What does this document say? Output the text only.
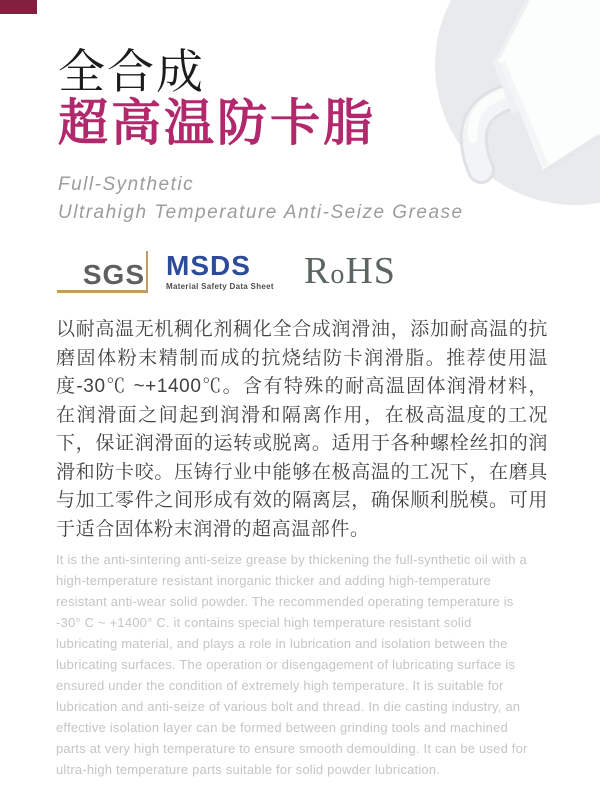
全合成
超高温防卡脂
Full-Synthetic
Ultrahigh Temperature Anti-Seize Grease
SGS MSDS
Material Safety Data Sheet RoHS
以耐高温无机稠化剂稠化全合成润滑油，添加耐高温的抗磨固体粉末精制而成的抗烧结防卡润滑脂。推荐使用温度-30℃ ~+1400℃。含有特殊的耐高温固体润滑材料，在润滑面之间起到润滑和隔离作用，在极高温度的工况下，保证润滑面的运转或脱离。适用于各种螺栓丝扣的润滑和防卡咬。压铸行业中能够在极高温的工况下，在磨具与加工零件之间形成有效的隔离层，确保顺利脱模。可用于适合固体粉末润滑的超高温部件。
It is the anti-sintering anti-seize grease by thickening the full-synthetic oil with a high-temperature resistant inorganic thicker and adding high-temperature resistant anti-wear solid powder. The recommended operating temperature is -30° C ~ +1400° C. it contains special high temperature resistant solid lubricating material, and plays a role in lubrication and isolation between the lubricating surfaces. The operation or disengagement of lubricating surface is ensured under the condition of extremely high temperature. It is suitable for lubrication and anti-seize of various bolt and thread. In die casting industry, an effective isolation layer can be formed between grinding tools and machined parts at very high temperature to ensure smooth demoulding. It can be used for ultra-high temperature parts suitable for solid powder lubrication.
